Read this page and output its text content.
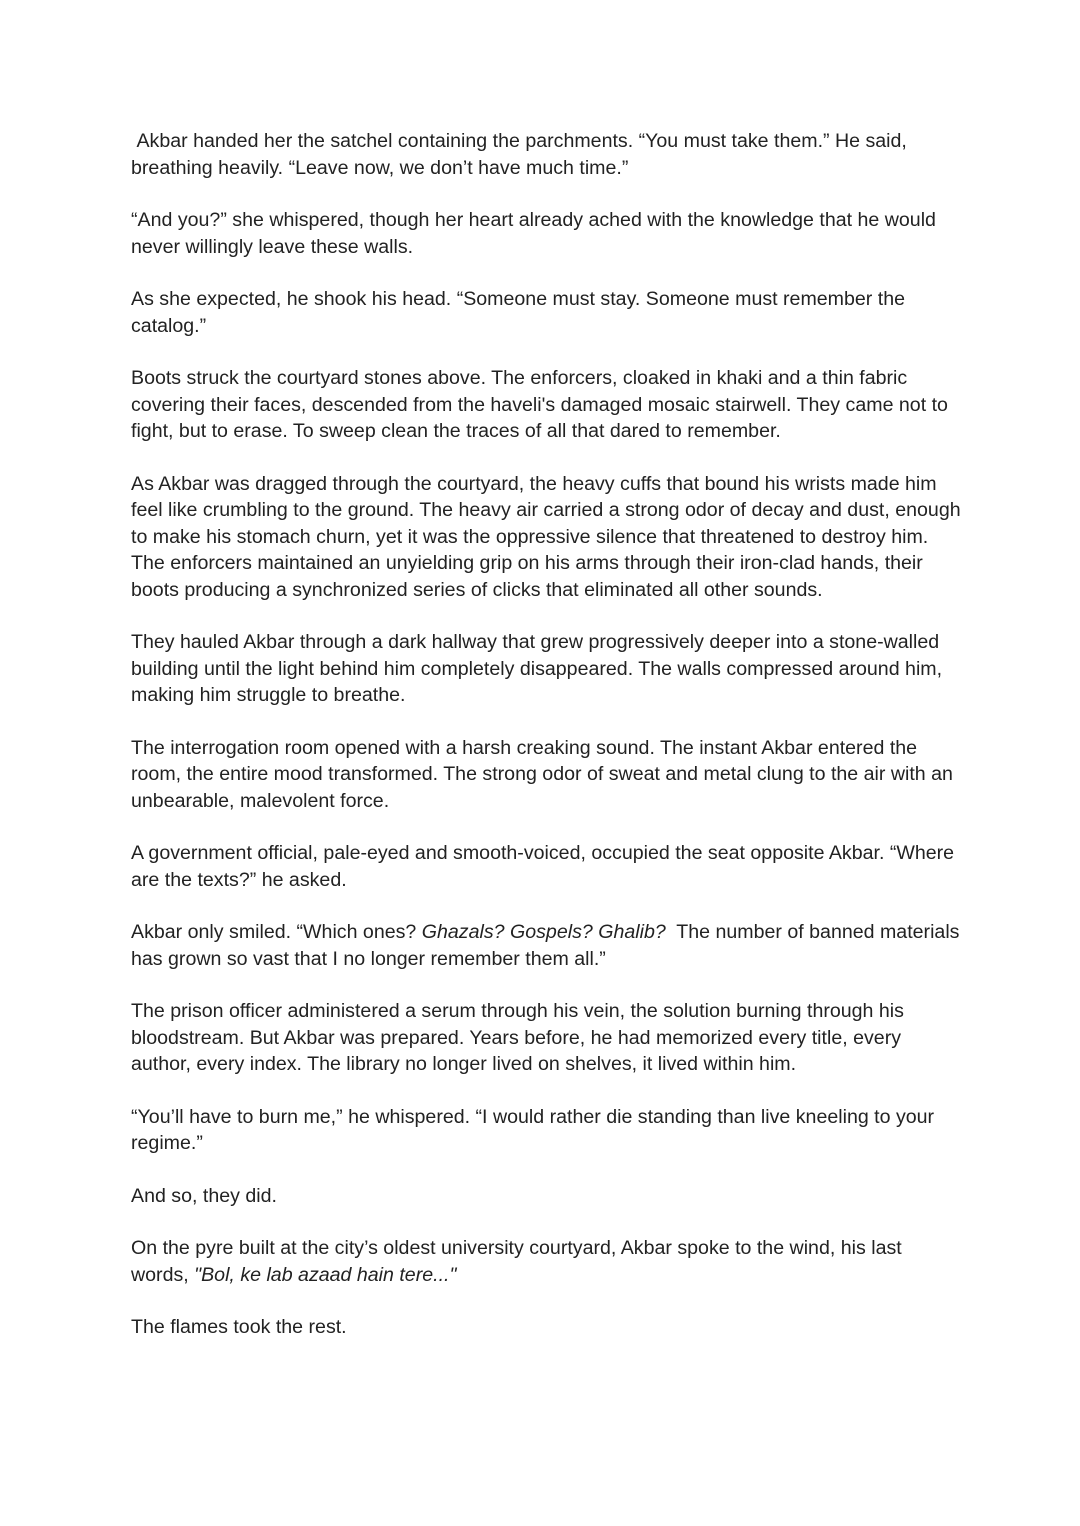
Akbar handed her the satchel containing the parchments. “You must take them.” He said, breathing heavily. “Leave now, we don’t have much time.”

“And you?” she whispered, though her heart already ached with the knowledge that he would never willingly leave these walls.

As she expected, he shook his head. “Someone must stay. Someone must remember the catalog.”

Boots struck the courtyard stones above. The enforcers, cloaked in khaki and a thin fabric covering their faces, descended from the haveli's damaged mosaic stairwell. They came not to fight, but to erase. To sweep clean the traces of all that dared to remember.

As Akbar was dragged through the courtyard, the heavy cuffs that bound his wrists made him feel like crumbling to the ground. The heavy air carried a strong odor of decay and dust, enough to make his stomach churn, yet it was the oppressive silence that threatened to destroy him. The enforcers maintained an unyielding grip on his arms through their iron-clad hands, their boots producing a synchronized series of clicks that eliminated all other sounds.

They hauled Akbar through a dark hallway that grew progressively deeper into a stone-walled building until the light behind him completely disappeared. The walls compressed around him, making him struggle to breathe.

The interrogation room opened with a harsh creaking sound. The instant Akbar entered the room, the entire mood transformed. The strong odor of sweat and metal clung to the air with an unbearable, malevolent force.

A government official, pale-eyed and smooth-voiced, occupied the seat opposite Akbar. “Where are the texts?” he asked.

Akbar only smiled. “Which ones? Ghazals? Gospels? Ghalib?  The number of banned materials has grown so vast that I no longer remember them all.”

The prison officer administered a serum through his vein, the solution burning through his bloodstream. But Akbar was prepared. Years before, he had memorized every title, every author, every index. The library no longer lived on shelves, it lived within him.

“You’ll have to burn me,” he whispered. “I would rather die standing than live kneeling to your regime.”

And so, they did.

On the pyre built at the city’s oldest university courtyard, Akbar spoke to the wind, his last words, "Bol, ke lab azaad hain tere..."

The flames took the rest.
